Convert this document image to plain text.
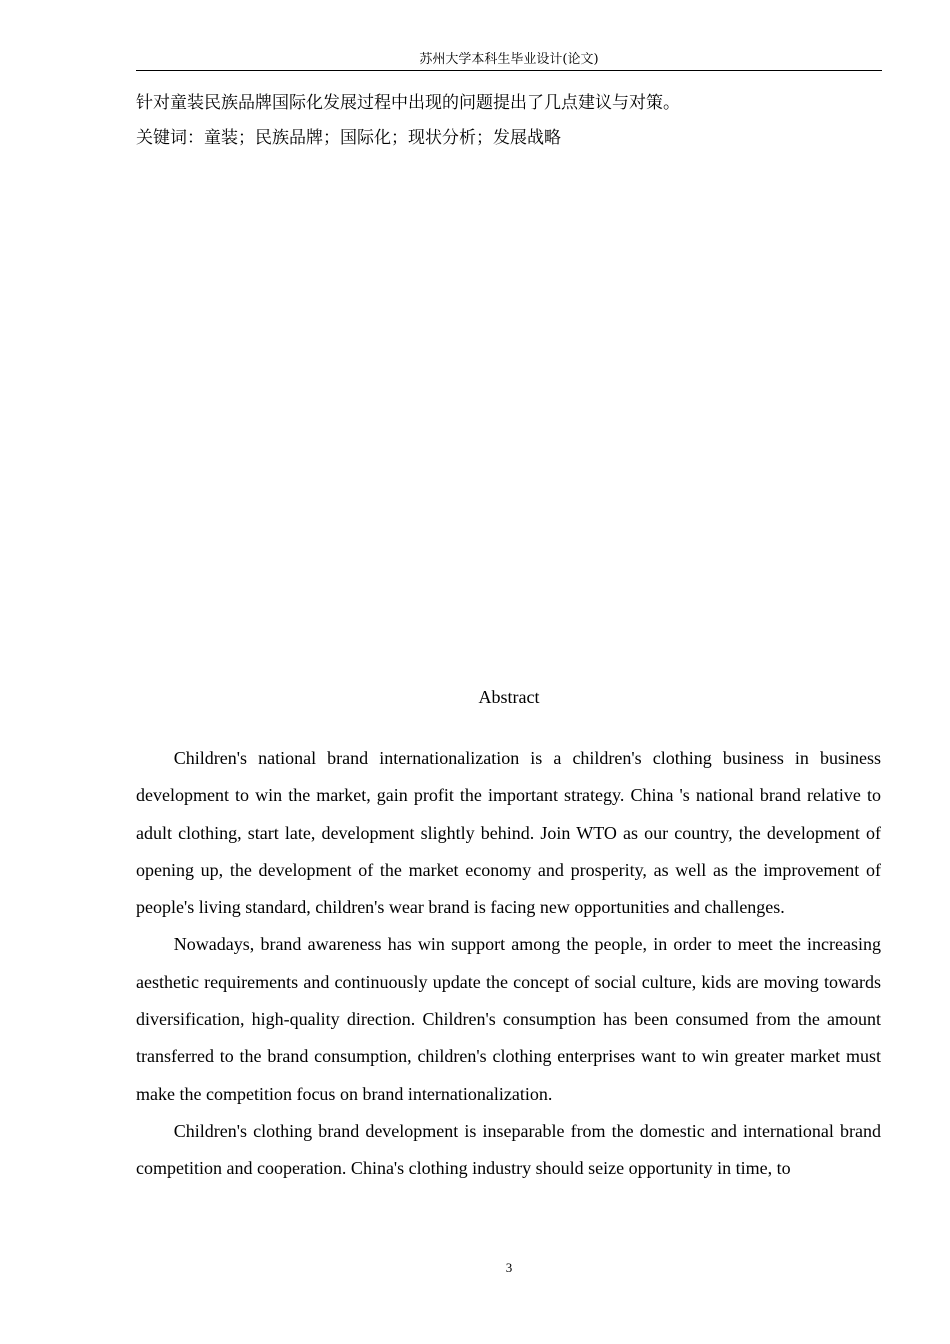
苏州大学本科生毕业设计(论文)
针对童装民族品牌国际化发展过程中出现的问题提出了几点建议与对策。
关键词：童装；民族品牌；国际化；现状分析；发展战略
Abstract

Children's national brand internationalization is a children's clothing business in business development to win the market, gain profit the important strategy. China 's national brand relative to adult clothing, start late, development slightly behind. Join WTO as our country, the development of opening up, the development of the market economy and prosperity, as well as the improvement of people's living standard, children's wear brand is facing new opportunities and challenges.

Nowadays, brand awareness has win support among the people, in order to meet the increasing aesthetic requirements and continuously update the concept of social culture, kids are moving towards diversification, high-quality direction. Children's consumption has been consumed from the amount transferred to the brand consumption, children's clothing enterprises want to win greater market must make the competition focus on brand internationalization.

Children's clothing brand development is inseparable from the domestic and international brand competition and cooperation. China's clothing industry should seize opportunity in time, to

3
